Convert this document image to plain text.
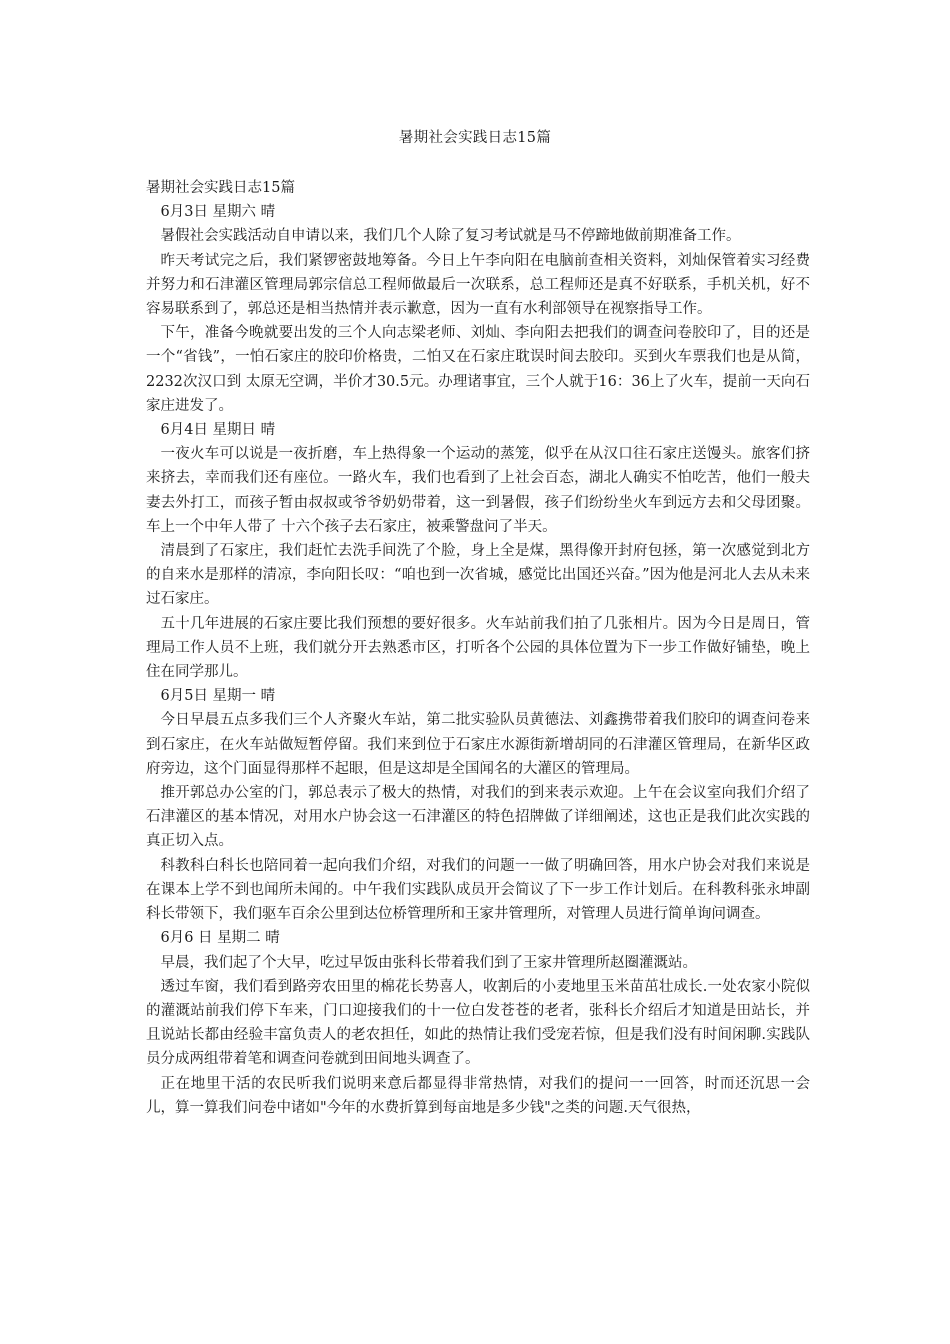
暑期社会实践日志15篇

暑期社会实践日志15篇

6月3日 星期六 晴

暑假社会实践活动自申请以来，我们几个人除了复习考试就是马不停蹄地做前期准备工作。

昨天考试完之后，我们紧锣密鼓地筹备。今日上午李向阳在电脑前查相关资料，刘灿保管着实习经费并努力和石津灌区管理局郭宗信总工程师做最后一次联系，总工程师还是真不好联系，手机关机，好不容易联系到了，郭总还是相当热情并表示歉意，因为一直有水利部领导在视察指导工作。

下午，准备今晚就要出发的三个人向志梁老师、刘灿、李向阳去把我们的调查问卷胶印了，目的还是一个“省钱”，一怕石家庄的胶印价格贵，二怕又在石家庄耽误时间去胶印。买到火车票我们也是从简，2232次汉口到 太原无空调，半价才30.5元。办理诸事宜，三个人就于16：36上了火车，提前一天向石家庄进发了。

6月4日 星期日 晴

一夜火车可以说是一夜折磨，车上热得象一个运动的蒸笼，似乎在从汉口往石家庄送馒头。旅客们挤来挤去，幸而我们还有座位。一路火车，我们也看到了上社会百态，湖北人确实不怕吃苦，他们一般夫妻去外打工，而孩子暂由叔叔或爷爷奶奶带着，这一到暑假，孩子们纷纷坐火车到远方去和父母团聚。车上一个中年人带了 十六个孩子去石家庄，被乘警盘问了半天。

清晨到了石家庄，我们赶忙去洗手间洗了个脸，身上全是煤，黑得像开封府包拯，第一次感觉到北方的自来水是那样的清凉，李向阳长叹：“咱也到一次省城，感觉比出国还兴奋。”因为他是河北人去从未来过石家庄。

五十几年进展的石家庄要比我们预想的要好很多。火车站前我们拍了几张相片。因为今日是周日，管理局工作人员不上班，我们就分开去熟悉市区，打听各个公园的具体位置为下一步工作做好铺垫，晚上住在同学那儿。

6月5日 星期一 晴

今日早晨五点多我们三个人齐聚火车站，第二批实验队员黄德法、刘鑫携带着我们胶印的调查问卷来到石家庄，在火车站做短暂停留。我们来到位于石家庄水源街新增胡同的石津灌区管理局，在新华区政府旁边，这个门面显得那样不起眼，但是这却是全国闻名的大灌区的管理局。

推开郭总办公室的门，郭总表示了极大的热情，对我们的到来表示欢迎。上午在会议室向我们介绍了石津灌区的基本情况，对用水户协会这一石津灌区的特色招牌做了详细阐述，这也正是我们此次实践的真正切入点。

科教科白科长也陪同着一起向我们介绍，对我们的问题一一做了明确回答，用水户协会对我们来说是在课本上学不到也闻所未闻的。中午我们实践队成员开会简议了下一步工作计划后。在科教科张永坤副科长带领下，我们驱车百余公里到达位桥管理所和王家井管理所，对管理人员进行简单询问调查。

6月6 日 星期二 晴

早晨，我们起了个大早，吃过早饭由张科长带着我们到了王家井管理所赵圈灌溉站。

透过车窗，我们看到路旁农田里的棉花长势喜人，收割后的小麦地里玉米苗茁壮成长.一处农家小院似的灌溉站前我们停下车来，门口迎接我们的十一位白发苍苍的老者，张科长介绍后才知道是田站长，并且说站长都由经验丰富负责人的老农担任，如此的热情让我们受宠若惊，但是我们没有时间闲聊.实践队员分成两组带着笔和调查问卷就到田间地头调查了。

正在地里干活的农民听我们说明来意后都显得非常热情，对我们的提问一一回答，时而还沉思一会儿，算一算我们问卷中诸如"今年的水费折算到每亩地是多少钱"之类的问题.天气很热，
